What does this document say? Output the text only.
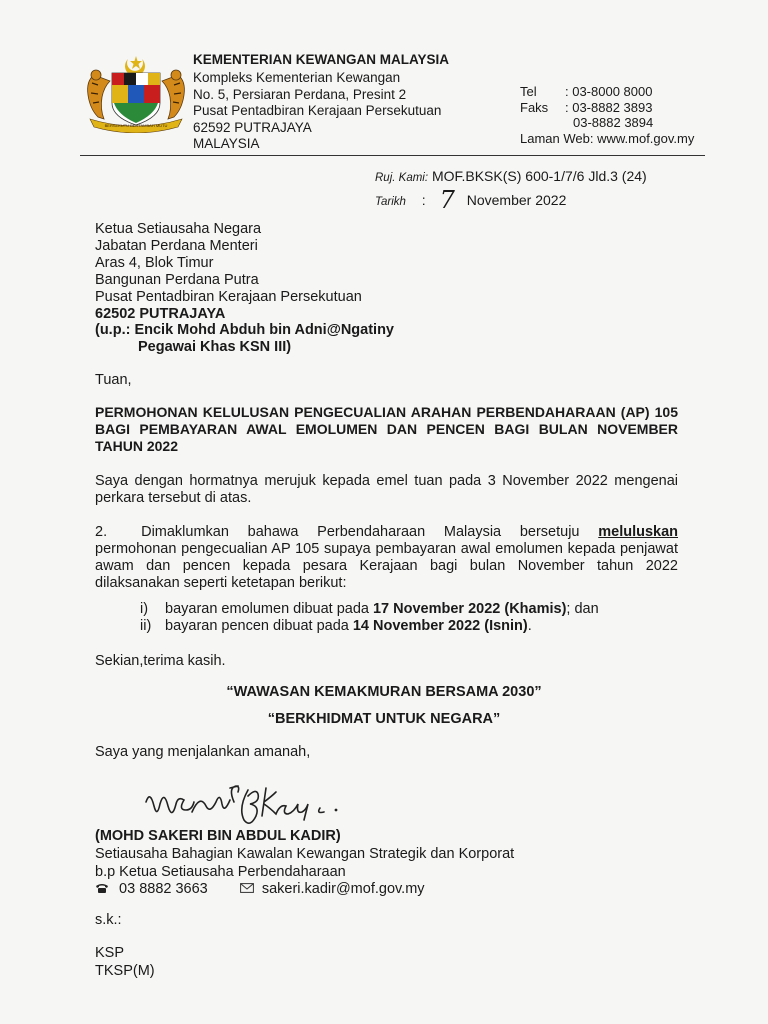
BERSEKUTU BERTAMBAH MUTU
KEMENTERIAN KEWANGAN MALAYSIA
Kompleks Kementerian Kewangan
No. 5, Persiaran Perdana, Presint 2
Pusat Pentadbiran Kerajaan Persekutuan
62592 PUTRAJAYA
MALAYSIA
Tel	: 03-8000 8000
Faks	: 03-8882 3893
	03-8882 3894
Laman Web: www.mof.gov.my
Ruj. Kami: MOF.BKSK(S) 600-1/7/6 Jld.3 (24)
Tarikh : 7 November 2022
Ketua Setiausaha Negara
Jabatan Perdana Menteri
Aras 4, Blok Timur
Bangunan Perdana Putra
Pusat Pentadbiran Kerajaan Persekutuan
62502 PUTRAJAYA
(u.p.: Encik Mohd Abduh bin Adni@Ngatiny
Pegawai Khas KSN III)
Tuan,
PERMOHONAN KELULUSAN PENGECUALIAN ARAHAN PERBENDAHARAAN (AP) 105 BAGI PEMBAYARAN AWAL EMOLUMEN DAN PENCEN BAGI BULAN NOVEMBER TAHUN 2022
Saya dengan hormatnya merujuk kepada emel tuan pada 3 November 2022 mengenai perkara tersebut di atas.
2. Dimaklumkan bahawa Perbendaharaan Malaysia bersetuju meluluskan permohonan pengecualian AP 105 supaya pembayaran awal emolumen kepada penjawat awam dan pencen kepada pesara Kerajaan bagi bulan November tahun 2022 dilaksanakan seperti ketetapan berikut:
i) bayaran emolumen dibuat pada 17 November 2022 (Khamis); dan
ii) bayaran pencen dibuat pada 14 November 2022 (Isnin).
Sekian,terima kasih.
“WAWASAN KEMAKMURAN BERSAMA 2030”
“BERKHIDMAT UNTUK NEGARA”
Saya yang menjalankan amanah,
(MOHD SAKERI BIN ABDUL KADIR)
Setiausaha Bahagian Kawalan Kewangan Strategik dan Korporat
b.p Ketua Setiausaha Perbendaharaan
03 8882 3663	sakeri.kadir@mof.gov.my
s.k.:
KSP
TKSP(M)
